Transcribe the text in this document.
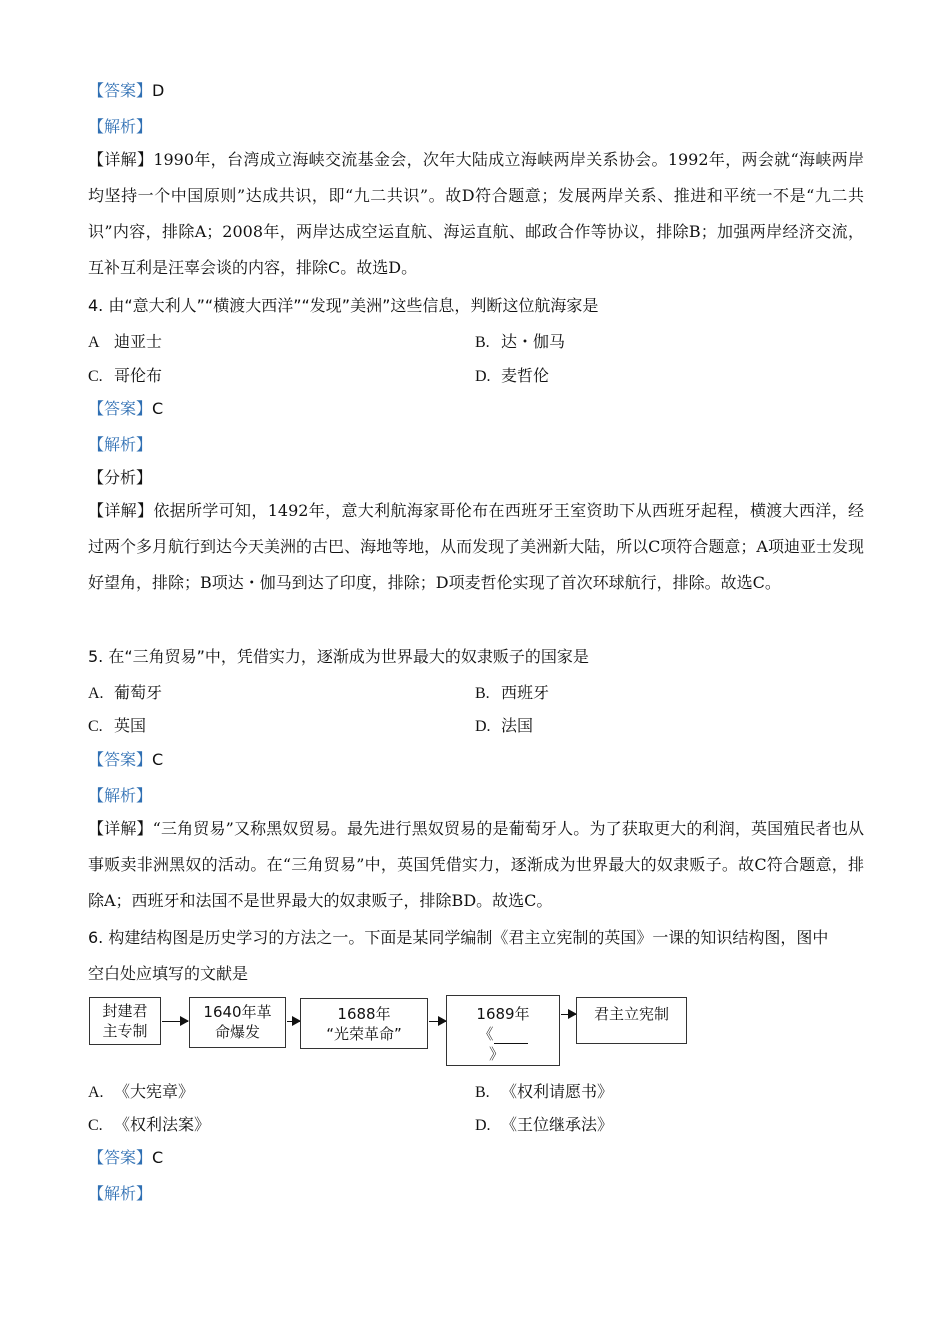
【答案】D
【解析】
【详解】1990年，台湾成立海峡交流基金会，次年大陆成立海峡两岸关系协会。1992年，两会就“海峡两岸均坚持一个中国原则”达成共识，即“九二共识”。故D符合题意；发展两岸关系、推进和平统一不是“九二共识”内容，排除A；2008年，两岸达成空运直航、海运直航、邮政合作等协议，排除B；加强两岸经济交流，互补互利是汪辜会谈的内容，排除C。故选D。
4. 由“意大利人”“横渡大西洋”“发现”美洲”这些信息，判断这位航海家是
A 迪亚士	B. 达・伽马
C. 哥伦布	D. 麦哲伦
【答案】C
【解析】
【分析】
【详解】依据所学可知，1492年，意大利航海家哥伦布在西班牙王室资助下从西班牙起程，横渡大西洋，经过两个多月航行到达今天美洲的古巴、海地等地，从而发现了美洲新大陆，所以C项符合题意；A项迪亚士发现好望角，排除；B项达・伽马到达了印度，排除；D项麦哲伦实现了首次环球航行，排除。故选C。
5. 在“三角贸易”中，凭借实力，逐渐成为世界最大的奴隶贩子的国家是
A. 葡萄牙	B. 西班牙
C. 英国	D. 法国
【答案】C
【解析】
【详解】“三角贸易”又称黑奴贸易。最先进行黑奴贸易的是葡萄牙人。为了获取更大的利润，英国殖民者也从事贩卖非洲黑奴的活动。在“三角贸易”中，英国凭借实力，逐渐成为世界最大的奴隶贩子。故C符合题意，排除A；西班牙和法国不是世界最大的奴隶贩子，排除BD。故选C。
6. 构建结构图是历史学习的方法之一。下面是某同学编制《君主立宪制的英国》一课的知识结构图，图中
空白处应填写的文献是
封建君
主专制
1640年革
命爆发
1688年
“光荣革命”
1689年
《
》
君主立宪制
A. 《大宪章》	B. 《权利请愿书》
C. 《权利法案》	D. 《王位继承法》
【答案】C
【解析】
